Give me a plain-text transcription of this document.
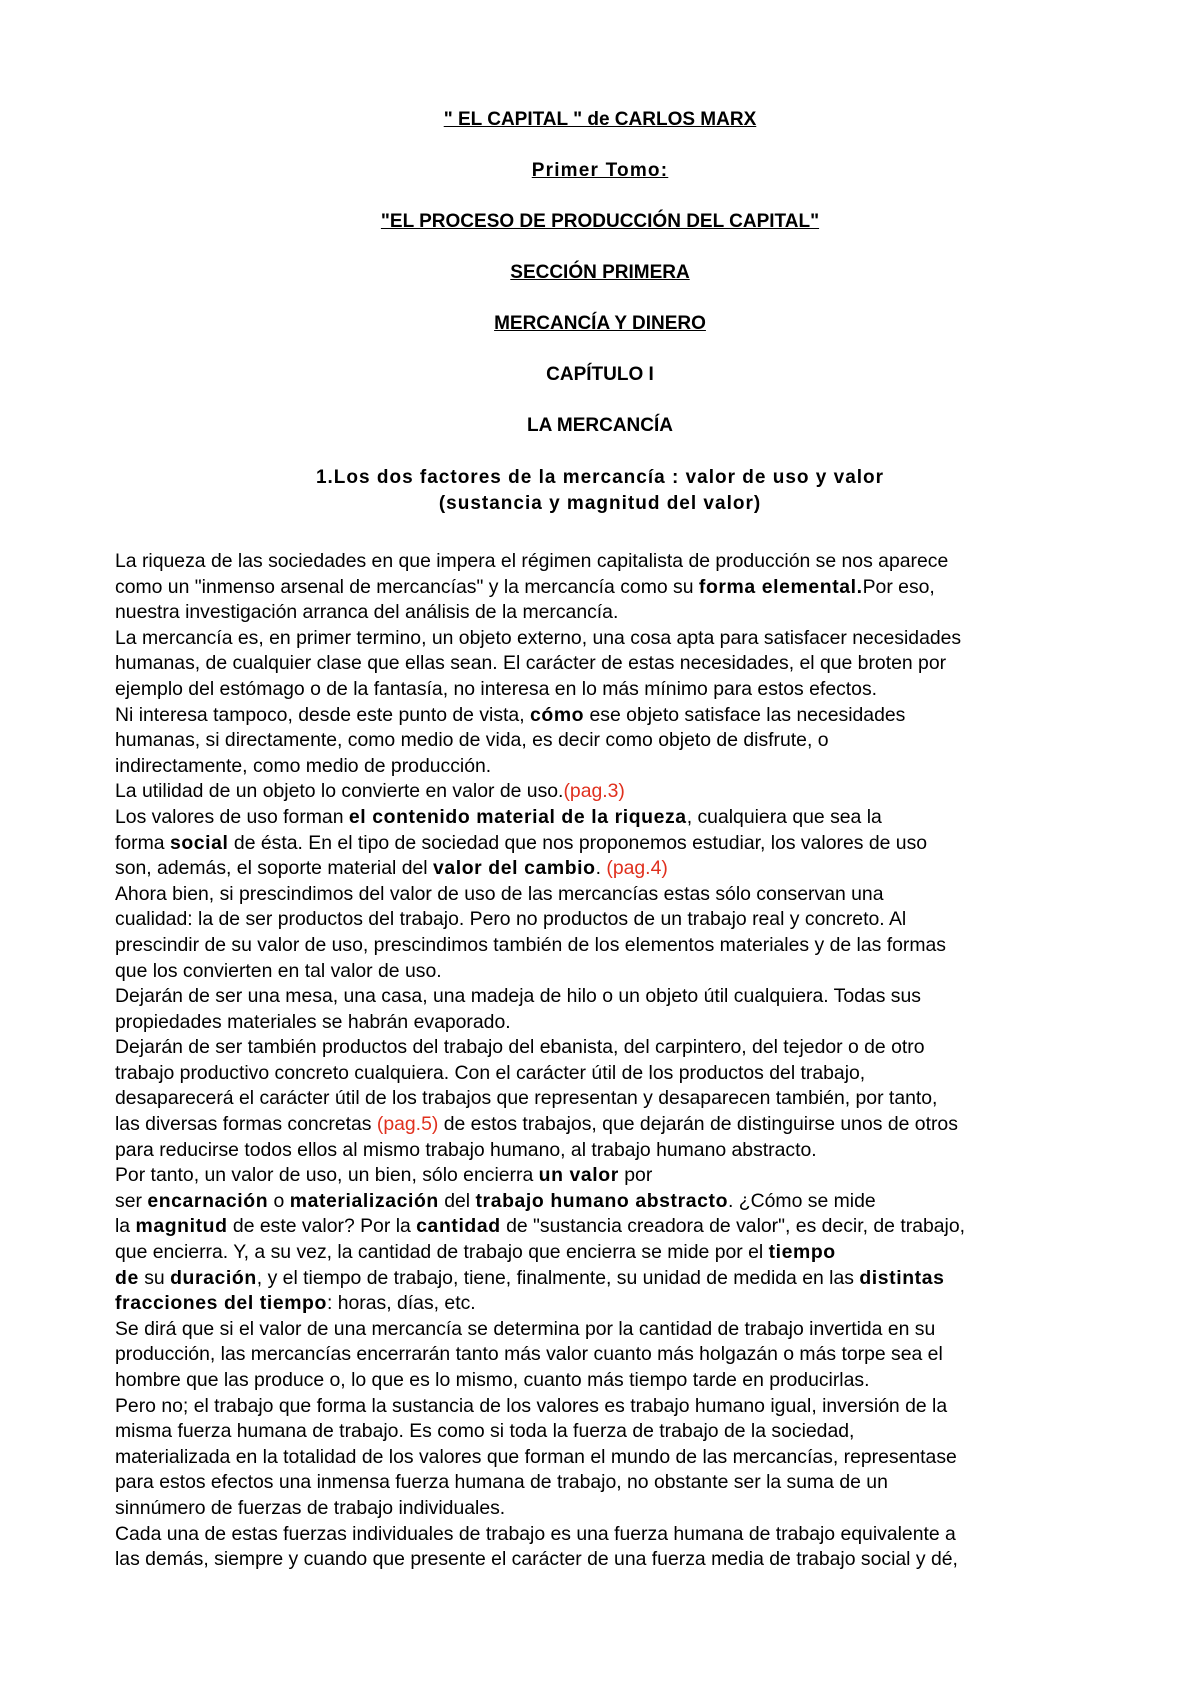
" EL CAPITAL " de CARLOS MARX

Primer Tomo:

"EL PROCESO DE PRODUCCIÓN DEL CAPITAL"

SECCIÓN PRIMERA

MERCANCÍA Y DINERO

CAPÍTULO I

LA MERCANCÍA

1.Los dos factores de la mercancía : valor de uso y valor

(sustancia y magnitud del valor)

La riqueza de las sociedades en que impera el régimen capitalista de producción se nos aparece
como un "inmenso arsenal de mercancías" y la mercancía como su forma elemental.Por eso,
nuestra investigación arranca del análisis de la mercancía.
La mercancía es, en primer termino, un objeto externo, una cosa apta para satisfacer necesidades
humanas, de cualquier clase que ellas sean. El carácter de estas necesidades, el que broten por
ejemplo del estómago o de la fantasía, no interesa en lo más mínimo para estos efectos.
Ni interesa tampoco, desde este punto de vista, cómo ese objeto satisface las necesidades
humanas, si directamente, como medio de vida, es decir como objeto de disfrute, o
indirectamente, como medio de producción.
La utilidad de un objeto lo convierte en valor de uso.(pag.3)
Los valores de uso forman el contenido material de la riqueza, cualquiera que sea la
forma social de ésta. En el tipo de sociedad que nos proponemos estudiar, los valores de uso
son, además, el soporte material del valor del cambio. (pag.4)
Ahora bien, si prescindimos del valor de uso de las mercancías estas sólo conservan una
cualidad: la de ser productos del trabajo. Pero no productos de un trabajo real y concreto. Al
prescindir de su valor de uso, prescindimos también de los elementos materiales y de las formas
que los convierten en tal valor de uso.
Dejarán de ser una mesa, una casa, una madeja de hilo o un objeto útil cualquiera. Todas sus
propiedades materiales se habrán evaporado.
Dejarán de ser también productos del trabajo del ebanista, del carpintero, del tejedor o de otro
trabajo productivo concreto cualquiera. Con el carácter útil de los productos del trabajo,
desaparecerá el carácter útil de los trabajos que representan y desaparecen también, por tanto,
las diversas formas concretas (pag.5) de estos trabajos, que dejarán de distinguirse unos de otros
para reducirse todos ellos al mismo trabajo humano, al trabajo humano abstracto.
Por tanto, un valor de uso, un bien, sólo encierra un valor por
ser encarnación o materialización del trabajo humano abstracto. ¿Cómo se mide
la magnitud de este valor? Por la cantidad de "sustancia creadora de valor", es decir, de trabajo,
que encierra. Y, a su vez, la cantidad de trabajo que encierra se mide por el tiempo
de su duración, y el tiempo de trabajo, tiene, finalmente, su unidad de medida en las distintas
fracciones del tiempo: horas, días, etc.
Se dirá que si el valor de una mercancía se determina por la cantidad de trabajo invertida en su
producción, las mercancías encerrarán tanto más valor cuanto más holgazán o más torpe sea el
hombre que las produce o, lo que es lo mismo, cuanto más tiempo tarde en producirlas.
Pero no; el trabajo que forma la sustancia de los valores es trabajo humano igual, inversión de la
misma fuerza humana de trabajo. Es como si toda la fuerza de trabajo de la sociedad,
materializada en la totalidad de los valores que forman el mundo de las mercancías, representase
para estos efectos una inmensa fuerza humana de trabajo, no obstante ser la suma de un
sinnúmero de fuerzas de trabajo individuales.
Cada una de estas fuerzas individuales de trabajo es una fuerza humana de trabajo equivalente a
las demás, siempre y cuando que presente el carácter de una fuerza media de trabajo social y dé,
